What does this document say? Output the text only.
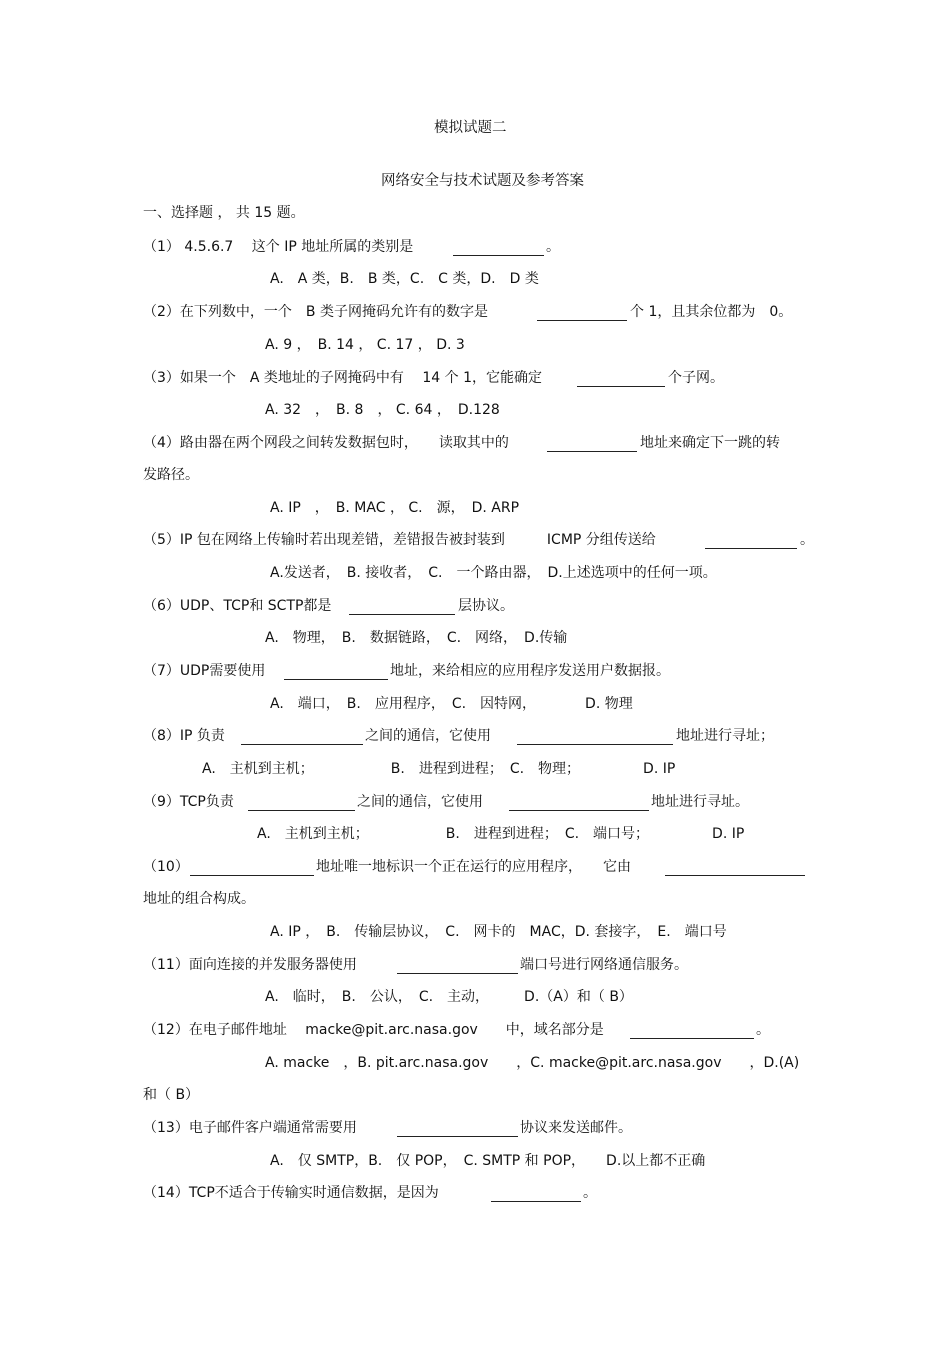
模拟试题二
网络安全与技术试题及参考答案
一、选择题 ， 共 15 题。
（1） 4.5.6.7　 这个 IP 地址所属的类别是	。
A.　A 类，B.　B 类，C.　C 类，D.　D 类
（2）在下列数中，一个　B 类子网掩码允许有的数字是	个 1，且其余位都为　0。
A. 9 ，　B. 14 ， C. 17 ， D. 3
（3）如果一个　A 类地址的子网掩码中有　 14 个 1，它能确定	个子网。
A. 32　，　B. 8　， C. 64 ，　D.128
（4）路由器在两个网段之间转发数据包时，　　读取其中的	地址来确定下一跳的转
发路径。
A. IP　，　B. MAC ， C.　源，　D. ARP
（5）IP 包在网络上传输时若出现差错，差错报告被封装到　　　ICMP 分组传送给	。
A.发送者，　B. 接收者，　C.　一个路由器，　D.上述选项中的任何一项。
（6）UDP、TCP和 SCTP都是	层协议。
A.　物理，　B.　数据链路，　C.　网络，　D.传输
（7）UDP需要使用	地址，来给相应的应用程序发送用户数据报。
A.　端口，　B.　应用程序，　C.　因特网，　　　　D. 物理
（8）IP 负责	之间的通信，它使用	地址进行寻址；
A.　主机到主机；　　　　　　B.　进程到进程；　C.　物理；　　　　　D. IP
（9）TCP负责	之间的通信，它使用	地址进行寻址。
A.　主机到主机；　　　　　　B.　进程到进程；　C.　端口号；　　　　　D. IP
（10）	地址唯一地标识一个正在运行的应用程序，　　它由
地址的组合构成。
A. IP ，　B.　传输层协议，　C.　网卡的　MAC，D. 套接字，　E.　端口号
（11）面向连接的并发服务器使用	端口号进行网络通信服务。
A.　临时，　B.　公认，　C.　主动，　　　D.（A）和（ B）
（12）在电子邮件地址　 macke@pit.arc.nasa.gov　　中，域名部分是	。
A. macke　，B. pit.arc.nasa.gov　　，C. macke@pit.arc.nasa.gov　　，D.(A)
和（ B）
（13）电子邮件客户端通常需要用	协议来发送邮件。
A.　仅 SMTP，B.　仅 POP，　C. SMTP 和 POP，　　D.以上都不正确
（14）TCP不适合于传输实时通信数据，是因为	。
